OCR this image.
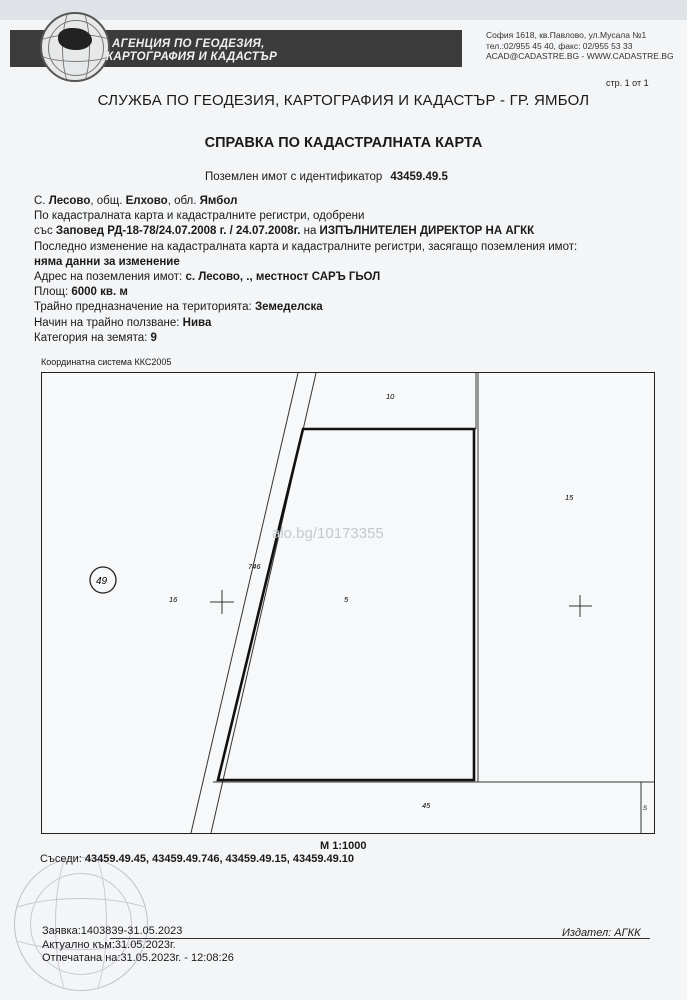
АГЕНЦИЯ ПО ГЕОДЕЗИЯ,
КАРТОГРАФИЯ И КАДАСТЪР
София 1618, кв.Павлово, ул.Мусала №1
тел.:02/955 45 40, факс: 02/955 53 33
ACAD@CADASTRE.BG - WWW.CADASTRE.BG
стр. 1 от 1
СЛУЖБА ПО ГЕОДЕЗИЯ, КАРТОГРАФИЯ И КАДАСТЪР - ГР. ЯМБОЛ
СПРАВКА ПО КАДАСТРАЛНАТА КАРТА
Поземлен имот с идентификатор 43459.49.5
С. Лесово, общ. Елхово, обл. Ямбол
По кадастралната карта и кадастралните регистри, одобрени
със Заповед РД-18-78/24.07.2008 г. / 24.07.2008г. на ИЗПЪЛНИТЕЛЕН ДИРЕКТОР НА АГКК
Последно изменение на кадастралната карта и кадастралните регистри, засягащо поземления имот:
няма данни за изменение
Адрес на поземления имот: с. Лесово, ., местност САРЪ ГЬОЛ
Площ: 6000 кв. м
Трайно предназначение на територията: Земеделска
Начин на трайно ползване: Нива
Категория на земята: 9
Координатна система ККС2005
10
15
5
16
746
45
49
S
alo.bg/10173355
М 1:1000
Съседи: 43459.49.45, 43459.49.746, 43459.49.15, 43459.49.10
Заявка:1403839-31.05.2023
Актуално към:31.05.2023г.
Отпечатана на:31.05.2023г. - 12:08:26
Издател: АГКК
